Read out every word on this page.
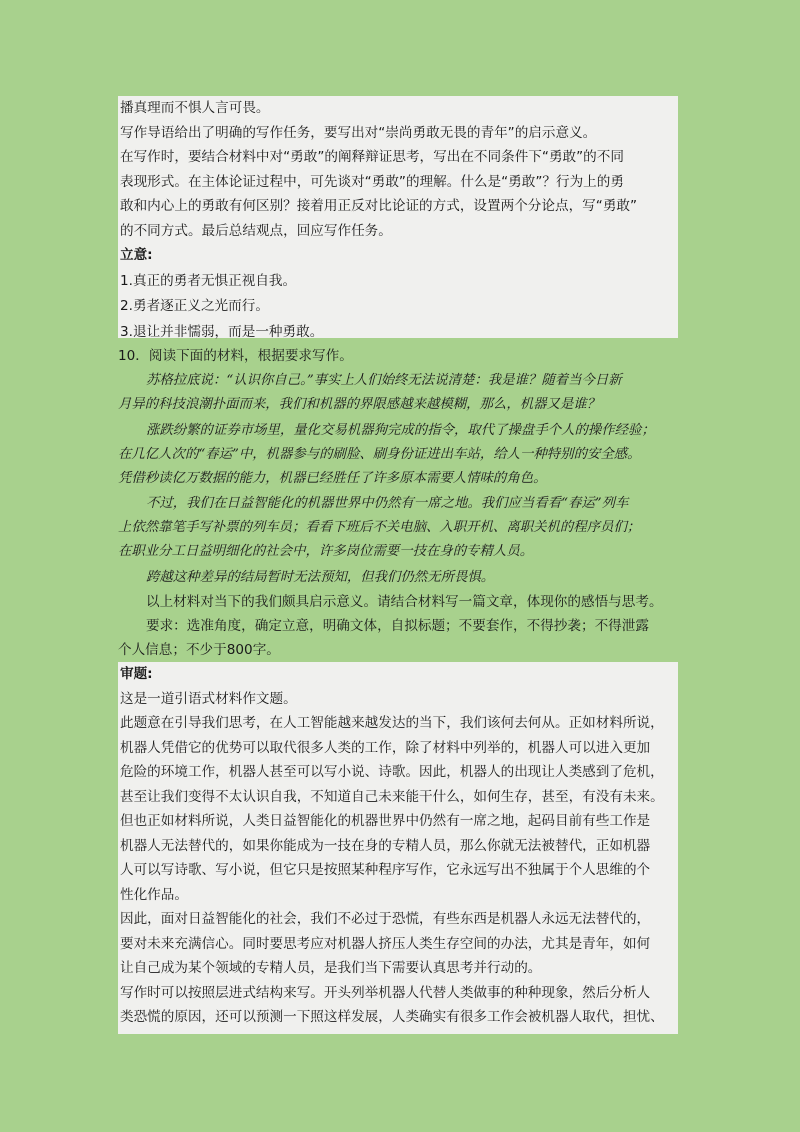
播真理而不惧人言可畏。
写作导语给出了明确的写作任务，要写出对“崇尚勇敢无畏的青年”的启示意义。
在写作时，要结合材料中对“勇敢”的阐释辩证思考，写出在不同条件下“勇敢”的不同
表现形式。在主体论证过程中，可先谈对“勇敢”的理解。什么是“勇敢”？行为上的勇
敢和内心上的勇敢有何区别？接着用正反对比论证的方式，设置两个分论点，写“勇敢”
的不同方式。最后总结观点，回应写作任务。
立意:
1.真正的勇者无惧正视自我。
2.勇者逐正义之光而行。
3.退让并非懦弱，而是一种勇敢。
10．阅读下面的材料，根据要求写作。
苏格拉底说：“认识你自己。”事实上人们始终无法说清楚：我是谁？随着当今日新
月异的科技浪潮扑面而来，我们和机器的界限感越来越模糊，那么，机器又是谁？
涨跌纷繁的证券市场里，量化交易机器狗完成的指令，取代了操盘手个人的操作经验；
在几亿人次的“春运”中，机器参与的刷脸、刷身份证进出车站，给人一种特别的安全感。
凭借秒读亿万数据的能力，机器已经胜任了许多原本需要人情味的角色。
不过，我们在日益智能化的机器世界中仍然有一席之地。我们应当看看“春运”列车
上依然靠笔手写补票的列车员；看看下班后不关电脑、入职开机、离职关机的程序员们；
在职业分工日益明细化的社会中，许多岗位需要一技在身的专精人员。
跨越这种差异的结局暂时无法预知，但我们仍然无所畏惧。
以上材料对当下的我们颇具启示意义。请结合材料写一篇文章，体现你的感悟与思考。
要求：选准角度，确定立意，明确文体，自拟标题；不要套作，不得抄袭；不得泄露
个人信息；不少于800字。
审题:
这是一道引语式材料作文题。
此题意在引导我们思考，在人工智能越来越发达的当下，我们该何去何从。正如材料所说，
机器人凭借它的优势可以取代很多人类的工作，除了材料中列举的，机器人可以进入更加
危险的环境工作，机器人甚至可以写小说、诗歌。因此，机器人的出现让人类感到了危机，
甚至让我们变得不太认识自我，不知道自己未来能干什么，如何生存，甚至，有没有未来。
但也正如材料所说，人类日益智能化的机器世界中仍然有一席之地，起码目前有些工作是
机器人无法替代的，如果你能成为一技在身的专精人员，那么你就无法被替代，正如机器
人可以写诗歌、写小说，但它只是按照某种程序写作，它永远写出不独属于个人思维的个
性化作品。
因此，面对日益智能化的社会，我们不必过于恐慌，有些东西是机器人永远无法替代的，
要对未来充满信心。同时要思考应对机器人挤压人类生存空间的办法，尤其是青年，如何
让自己成为某个领域的专精人员，是我们当下需要认真思考并行动的。
写作时可以按照层进式结构来写。开头列举机器人代替人类做事的种种现象，然后分析人
类恐慌的原因，还可以预测一下照这样发展，人类确实有很多工作会被机器人取代，担忧、
